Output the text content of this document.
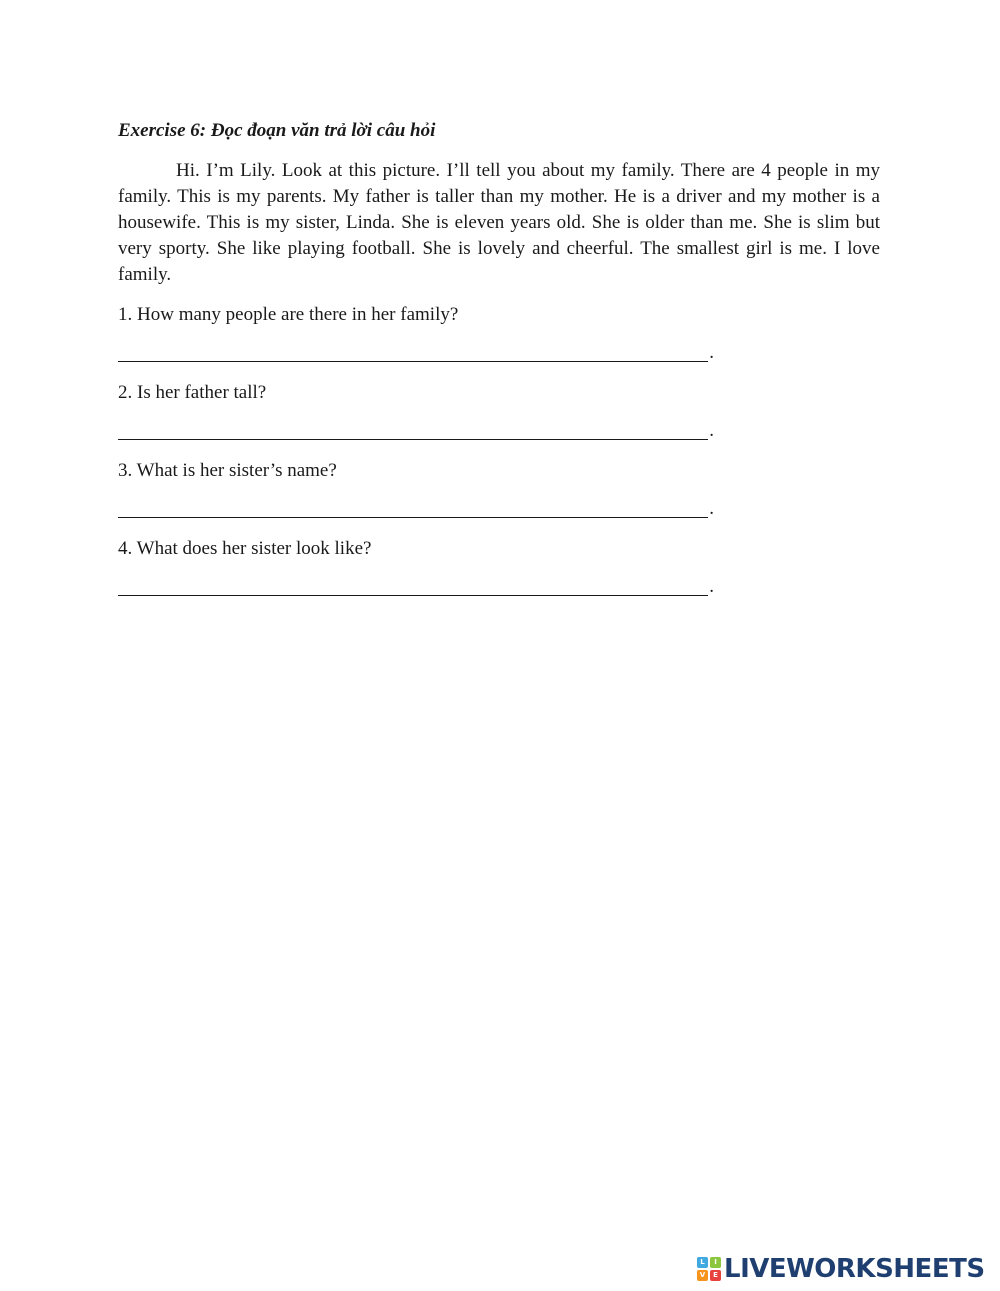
Exercise 6: Đọc đoạn văn trả lời câu hỏi

Hi. I’m Lily. Look at this picture. I’ll tell you about my family. There are 4 people in my family. This is my parents. My father is taller than my mother. He is a driver and my mother is a housewife. This is my sister, Linda. She is eleven years old. She is older than me. She is slim but very sporty. She like playing football. She is lovely and cheerful. The smallest girl is me. I love family.

1. How many people are there in her family?

.

2. Is her father tall?

.

3. What is her sister’s name?

.

4. What does her sister look like?

.
L	I
V	E LIVEWORKSHEETS
